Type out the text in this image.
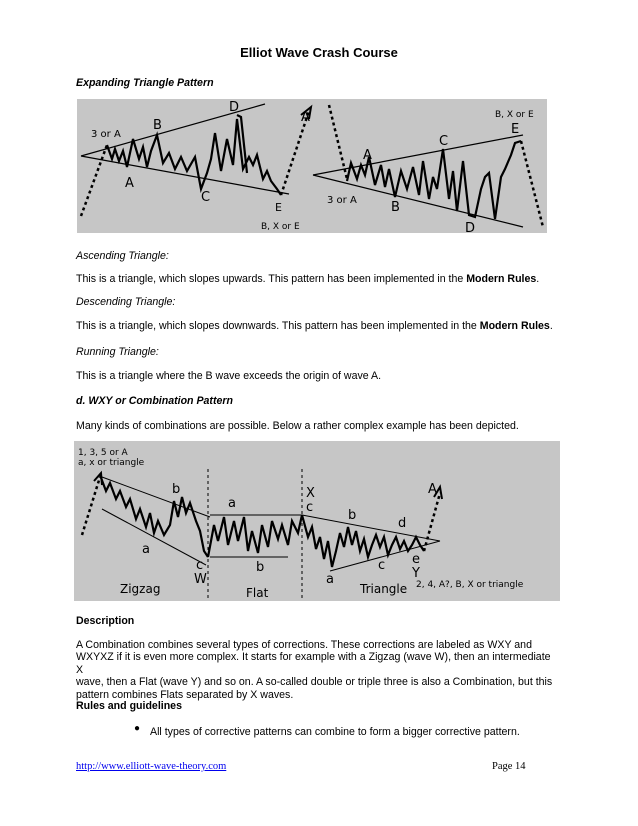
Elliot Wave Crash Course
Expanding Triangle Pattern
3 or A
B
A
C
D
E
B, X or E
A	B, X or E
E
C
A
3 or A	B
D
Ascending Triangle:
This is a triangle, which slopes upwards. This pattern has been implemented in the Modern Rules.
Descending Triangle:
This is a triangle, which slopes downwards. This pattern has been implemented in the Modern Rules.
Running Triangle:
This is a triangle where the B wave exceeds the origin of wave A.
d. WXY or Combination Pattern
Many kinds of combinations are possible. Below a rather complex example has been depicted.
1, 3, 5 or A
a, x or triangle
b
a
c
W
a
b
X
c
b
d
a
c e
Y
2, 4, A?, B, X or triangle
A
Zigzag	Flat	Triangle
Description
A Combination combines several types of corrections. These corrections are labeled as WXY and
WXYXZ if it is even more complex. It starts for example with a Zigzag (wave W), then an intermediate X
wave, then a Flat (wave Y) and so on. A so-called double or triple three is also a Combination, but this
pattern combines Flats separated by X waves.
Rules and guidelines
● All types of corrective patterns can combine to form a bigger corrective pattern.
http://www.elliott-wave-theory.com	Page 14
